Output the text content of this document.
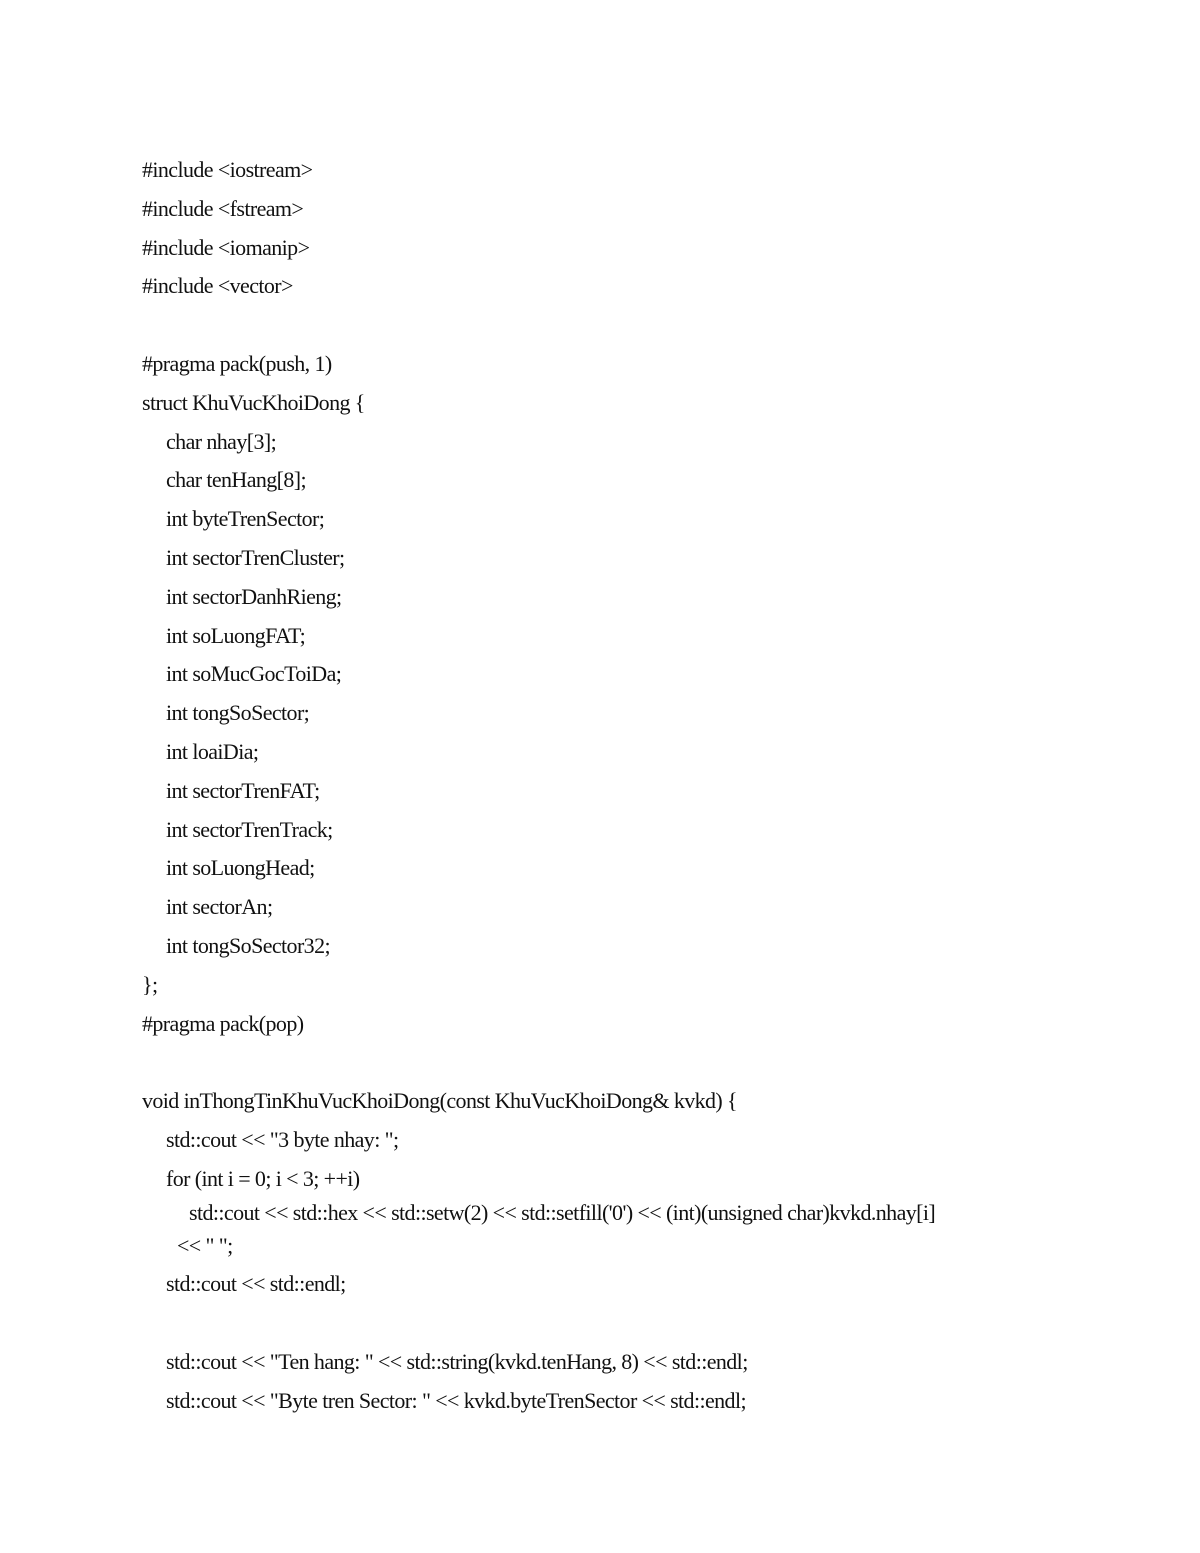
#include <iostream>
#include <fstream>
#include <iomanip>
#include <vector>
#pragma pack(push, 1)
struct KhuVucKhoiDong {
char nhay[3];
char tenHang[8];
int byteTrenSector;
int sectorTrenCluster;
int sectorDanhRieng;
int soLuongFAT;
int soMucGocToiDa;
int tongSoSector;
int loaiDia;
int sectorTrenFAT;
int sectorTrenTrack;
int soLuongHead;
int sectorAn;
int tongSoSector32;
};
#pragma pack(pop)
void inThongTinKhuVucKhoiDong(const KhuVucKhoiDong& kvkd) {
std::cout << "3 byte nhay: ";
for (int i = 0; i < 3; ++i)
std::cout << std::hex << std::setw(2) << std::setfill('0') << (int)(unsigned char)kvkd.nhay[i]
<< " ";
std::cout << std::endl;
std::cout << "Ten hang: " << std::string(kvkd.tenHang, 8) << std::endl;
std::cout << "Byte tren Sector: " << kvkd.byteTrenSector << std::endl;
